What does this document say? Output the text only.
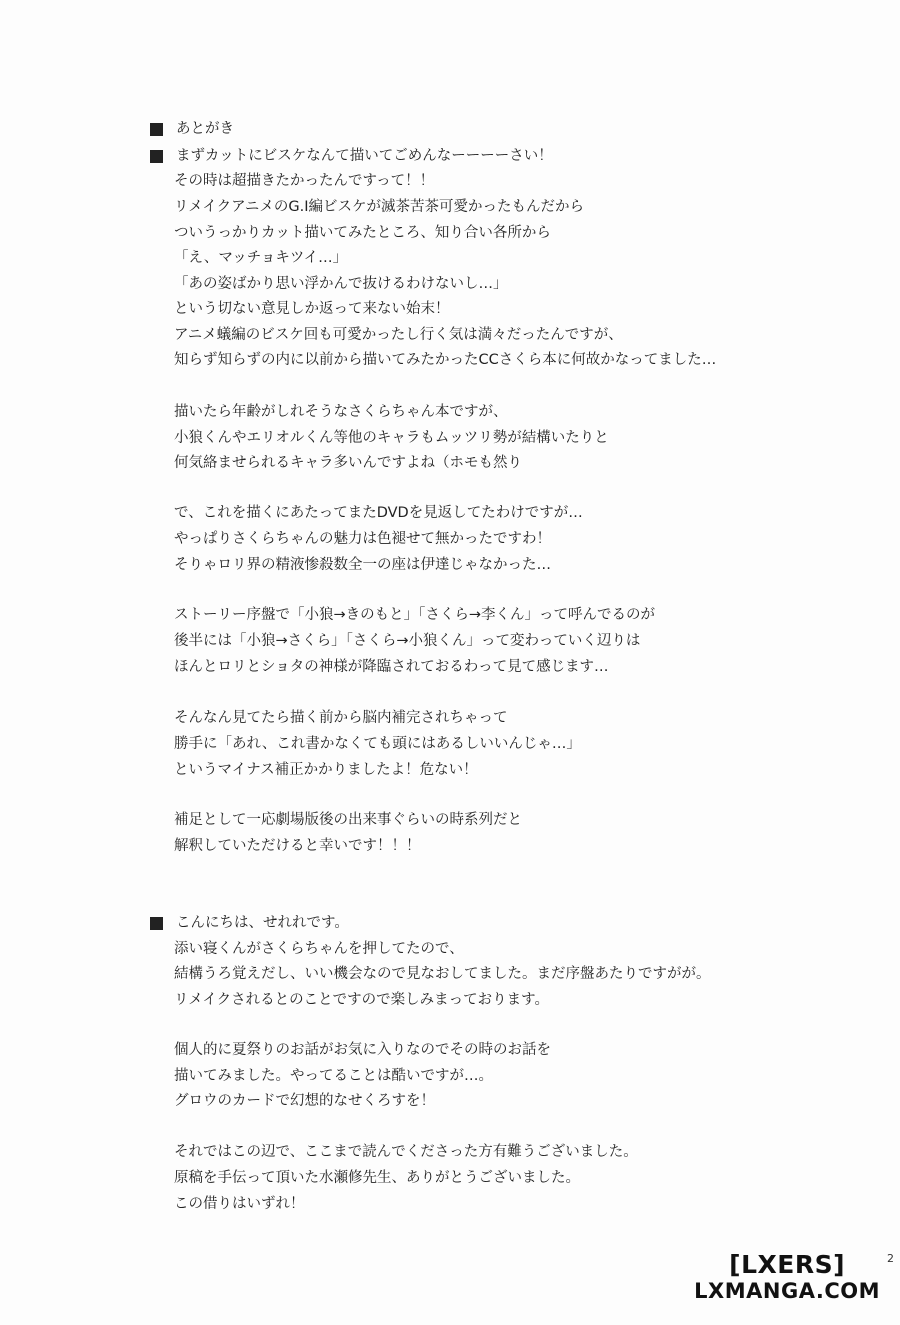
あとがき
まずカットにビスケなんて描いてごめんなーーーーさい！
その時は超描きたかったんですって！！
リメイクアニメのG.I編ビスケが滅茶苦茶可愛かったもんだから
ついうっかりカット描いてみたところ、知り合い各所から
「え、マッチョキツイ…」
「あの姿ばかり思い浮かんで抜けるわけないし…」
という切ない意見しか返って来ない始末！
アニメ蟻編のビスケ回も可愛かったし行く気は満々だったんですが、
知らず知らずの内に以前から描いてみたかったCCさくら本に何故かなってました…
描いたら年齢がしれそうなさくらちゃん本ですが、
小狼くんやエリオルくん等他のキャラもムッツリ勢が結構いたりと
何気絡ませられるキャラ多いんですよね（ホモも然り
で、これを描くにあたってまたDVDを見返してたわけですが…
やっぱりさくらちゃんの魅力は色褪せて無かったですわ！
そりゃロリ界の精液惨殺数全一の座は伊達じゃなかった…
ストーリー序盤で「小狼→きのもと」「さくら→李くん」って呼んでるのが
後半には「小狼→さくら」「さくら→小狼くん」って変わっていく辺りは
ほんとロリとショタの神様が降臨されておるわって見て感じます…
そんなん見てたら描く前から脳内補完されちゃって
勝手に「あれ、これ書かなくても頭にはあるしいいんじゃ…」
というマイナス補正かかりましたよ！危ない！
補足として一応劇場版後の出来事ぐらいの時系列だと
解釈していただけると幸いです！！！
こんにちは、せれれです。
添い寝くんがさくらちゃんを押してたので、
結構うろ覚えだし、いい機会なので見なおしてました。まだ序盤あたりですがが。
リメイクされるとのことですので楽しみまっております。
個人的に夏祭りのお話がお気に入りなのでその時のお話を
描いてみました。やってることは酷いですが…。
グロウのカードで幻想的なせくろすを！
それではこの辺で、ここまで読んでくださった方有難うございました。
原稿を手伝って頂いた水瀬修先生、ありがとうございました。
この借りはいずれ！
[LXERS]
LXMANGA.COM
2
